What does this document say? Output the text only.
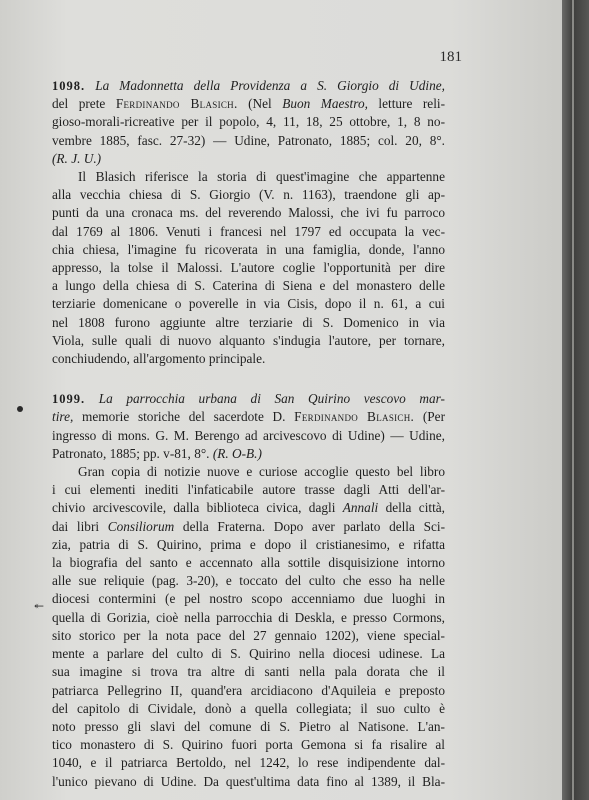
181
1098. La Madonnetta della Providenza a S. Giorgio di Udine,
del prete Ferdinando Blasich. (Nel Buon Maestro, letture reli-
gioso-morali-ricreative per il popolo, 4, 11, 18, 25 ottobre, 1, 8 no-
vembre 1885, fasc. 27-32) — Udine, Patronato, 1885; col. 20, 8°.
(R. J. U.)
Il Blasich riferisce la storia di quest'imagine che appartenne
alla vecchia chiesa di S. Giorgio (V. n. 1163), traendone gli ap-
punti da una cronaca ms. del reverendo Malossi, che ivi fu parroco
dal 1769 al 1806. Venuti i francesi nel 1797 ed occupata la vec-
chia chiesa, l'imagine fu ricoverata in una famiglia, donde, l'anno
appresso, la tolse il Malossi. L'autore coglie l'opportunità per dire
a lungo della chiesa di S. Caterina di Siena e del monastero delle
terziarie domenicane o poverelle in via Cisis, dopo il n. 61, a cui
nel 1808 furono aggiunte altre terziarie di S. Domenico in via
Viola, sulle quali di nuovo alquanto s'indugia l'autore, per tornare,
conchiudendo, all'argomento principale.
1099. La parrocchia urbana di San Quirino vescovo mar-
tire, memorie storiche del sacerdote D. Ferdinando Blasich. (Per
ingresso di mons. G. M. Berengo ad arcivescovo di Udine) — Udine,
Patronato, 1885; pp. v-81, 8°. (R. O-B.)
Gran copia di notizie nuove e curiose accoglie questo bel libro
i cui elementi inediti l'infaticabile autore trasse dagli Atti dell'ar-
chivio arcivescovile, dalla biblioteca civica, dagli Annali della città,
dai libri Consiliorum della Fraterna. Dopo aver parlato della Sci-
zia, patria di S. Quirino, prima e dopo il cristianesimo, e rifatta
la biografia del santo e accennato alla sottile disquisizione intorno
alle sue reliquie (pag. 3-20), e toccato del culto che esso ha nelle
diocesi contermini (e pel nostro scopo accenniamo due luoghi in
quella di Gorizia, cioè nella parrocchia di Deskla, e presso Cormons,
sito storico per la nota pace del 27 gennaio 1202), viene special-
mente a parlare del culto di S. Quirino nella diocesi udinese. La
sua imagine si trova tra altre di santi nella pala dorata che il
patriarca Pellegrino II, quand'era arcidiacono d'Aquileia e preposto
del capitolo di Cividale, donò a quella collegiata; il suo culto è
noto presso gli slavi del comune di S. Pietro al Natisone. L'an-
tico monastero di S. Quirino fuori porta Gemona si fa risalire al
1040, e il patriarca Bertoldo, nel 1242, lo rese indipendente dal-
l'unico pievano di Udine. Da quest'ultima data fino al 1389, il Bla-
↞
